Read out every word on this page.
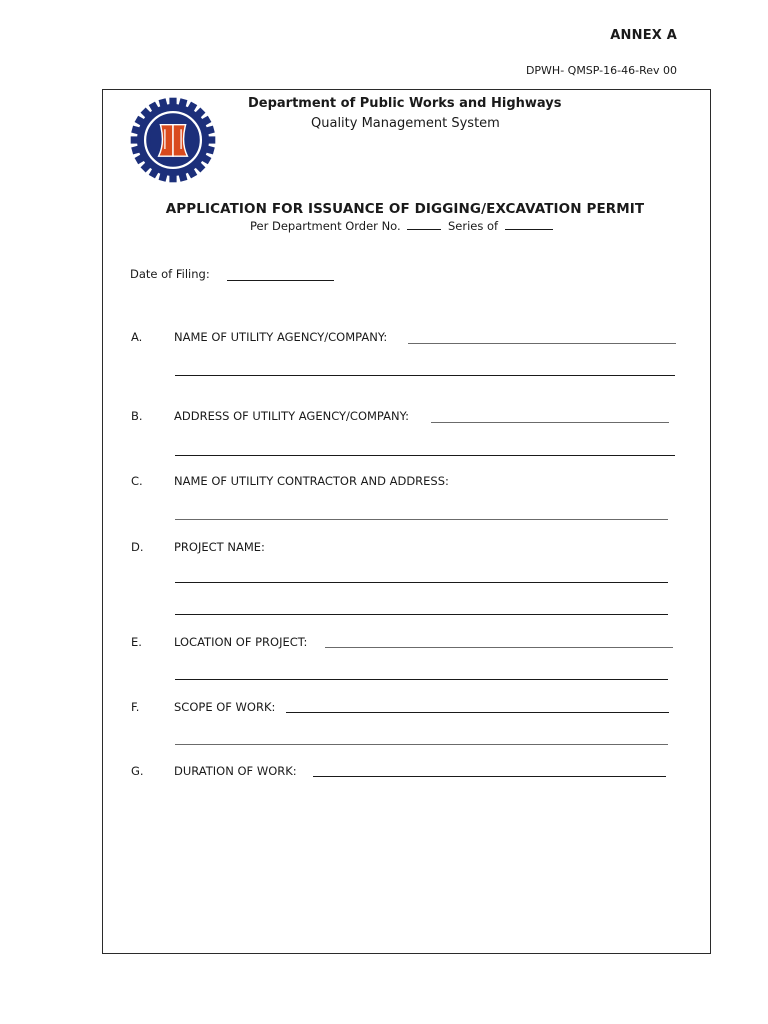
ANNEX A
DPWH- QMSP-16-46-Rev 00
Department of Public Works and Highways
Quality Management System
APPLICATION FOR ISSUANCE OF DIGGING/EXCAVATION PERMIT
Per Department Order No.	Series of
Date of Filing:
A.	NAME OF UTILITY AGENCY/COMPANY:
B.	ADDRESS OF UTILITY AGENCY/COMPANY:
C.	NAME OF UTILITY CONTRACTOR AND ADDRESS:
D.	PROJECT NAME:
E.	LOCATION OF PROJECT:
F.	SCOPE OF WORK:
G.	DURATION OF WORK:
